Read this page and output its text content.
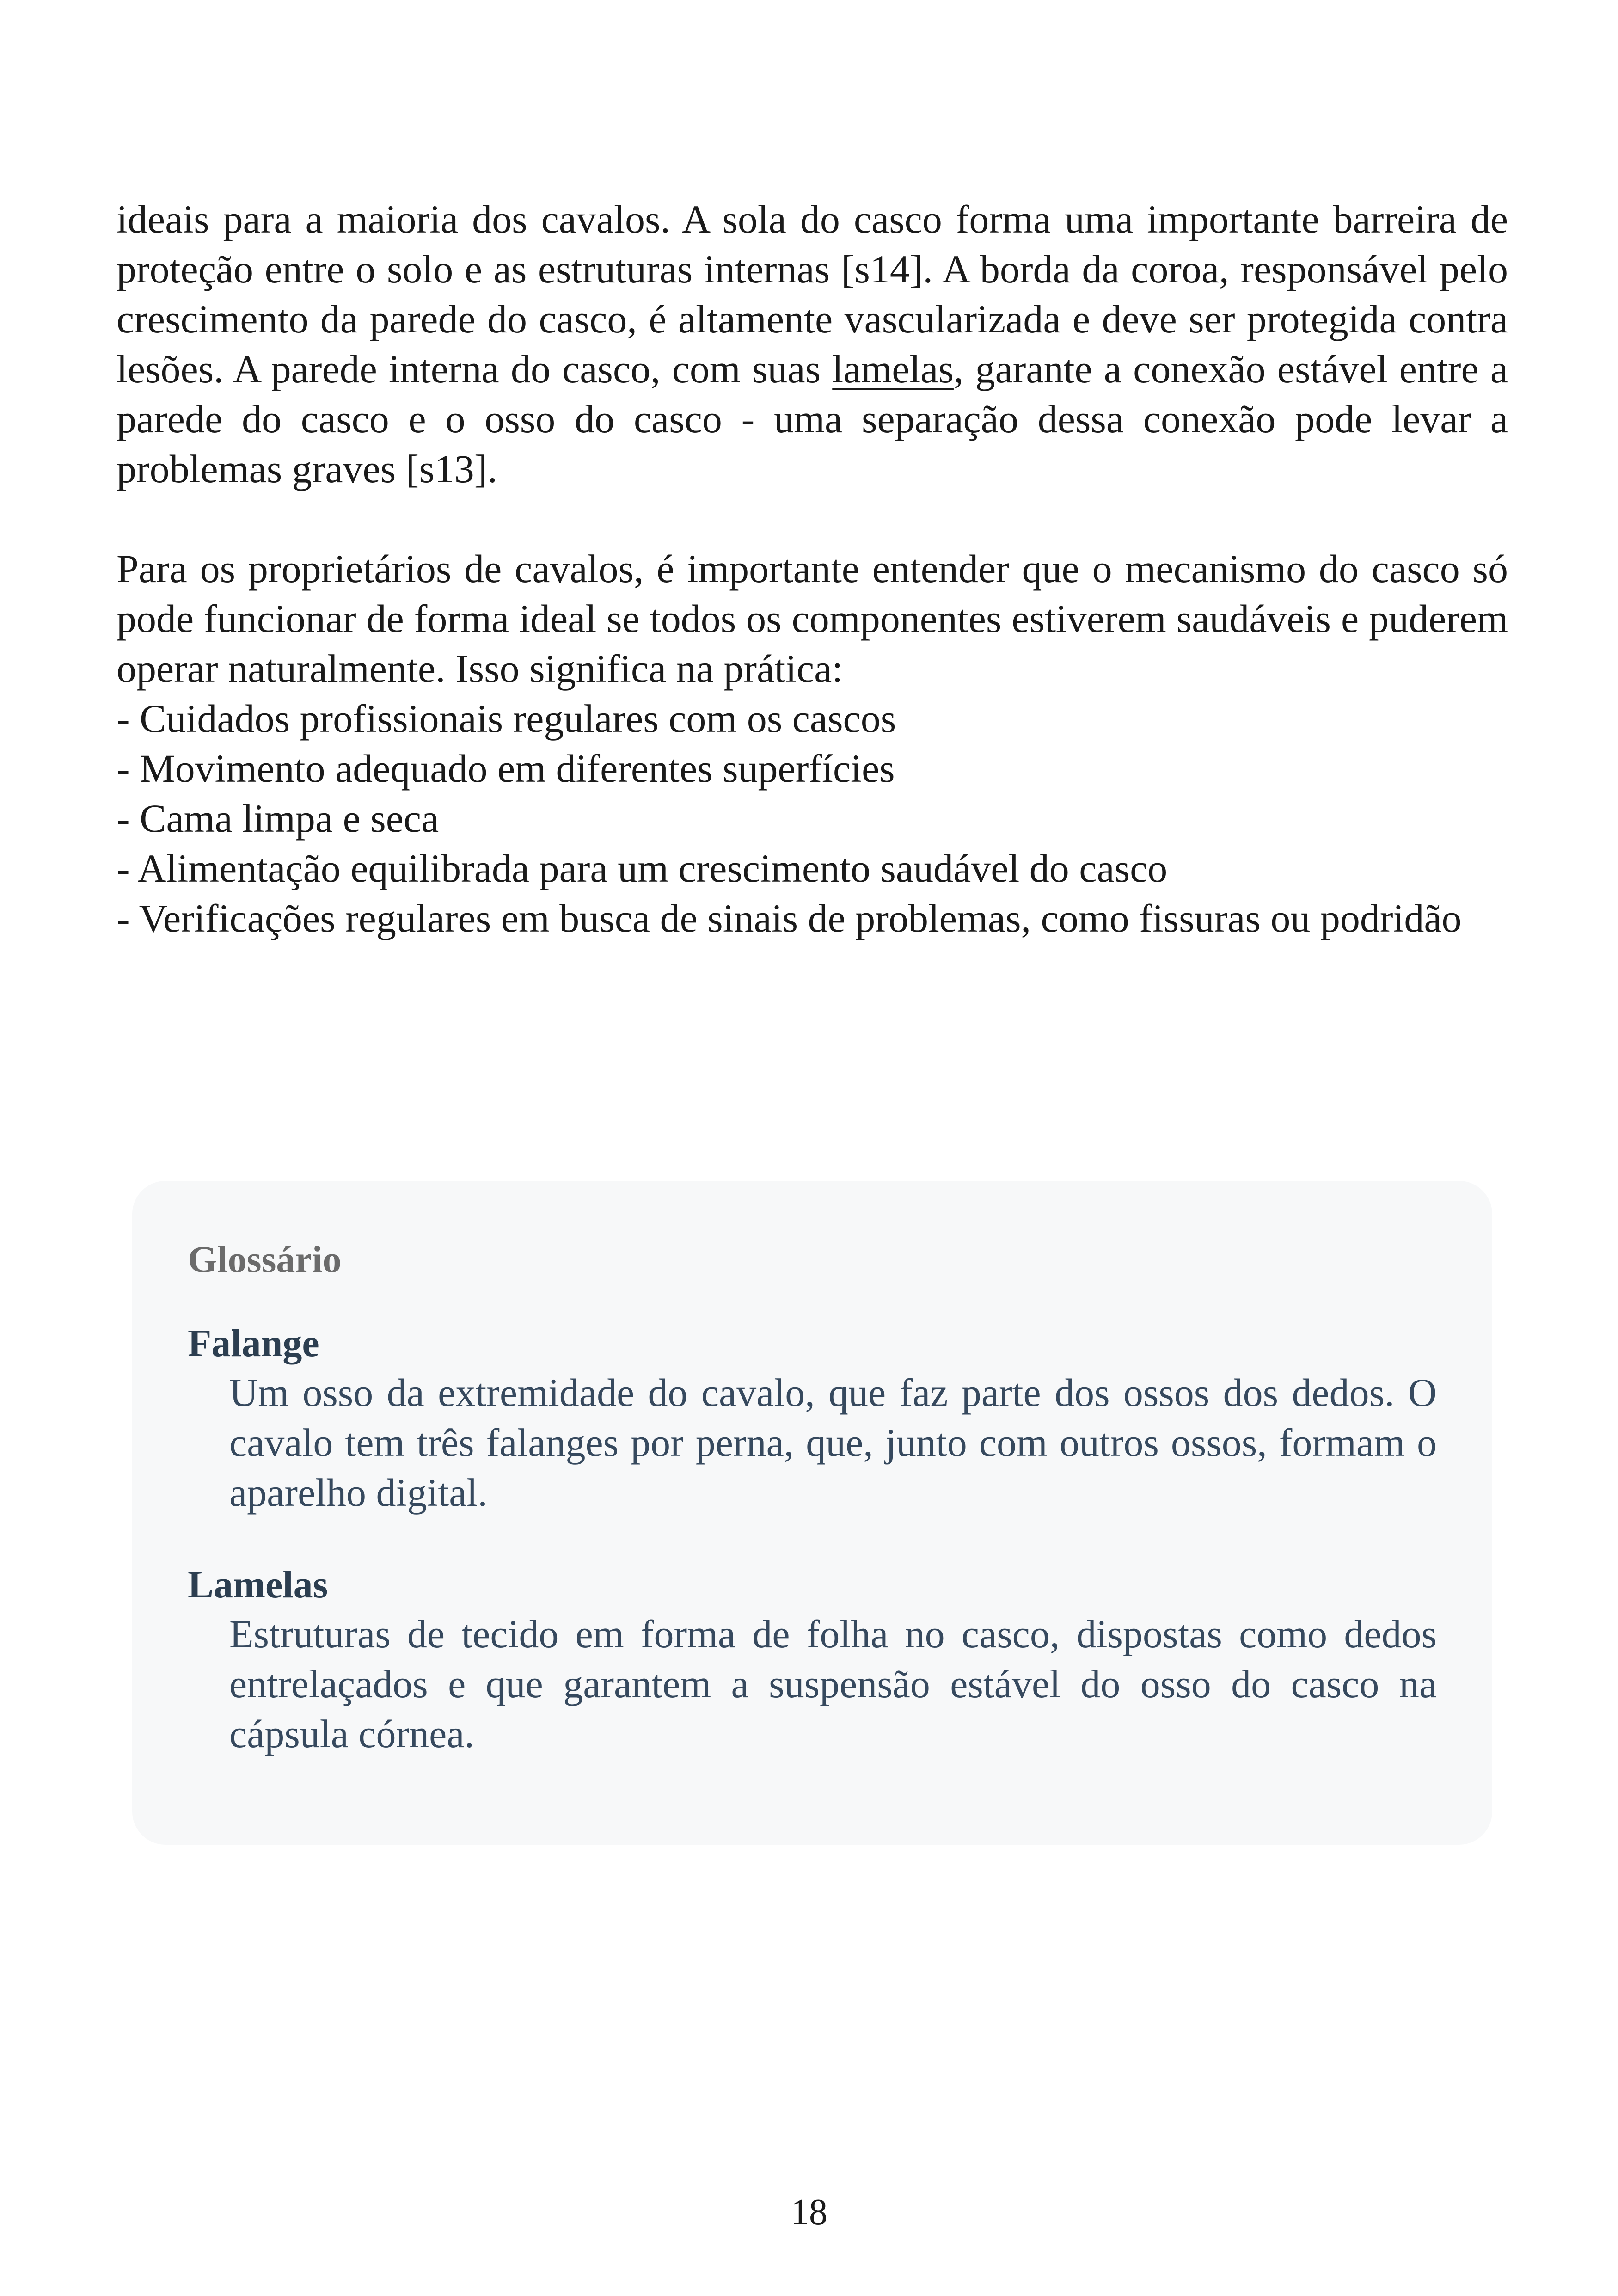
ideais para a maioria dos cavalos. A sola do casco forma uma importante barreira de proteção entre o solo e as estruturas internas [s14]. A borda da coroa, responsável pelo crescimento da parede do casco, é altamente vascularizada e deve ser protegida contra lesões. A parede interna do casco, com suas lamelas, garante a conexão estável entre a parede do casco e o osso do casco - uma separação dessa conexão pode levar a problemas graves [s13].

Para os proprietários de cavalos, é importante entender que o mecanismo do casco só pode funcionar de forma ideal se todos os componentes estiverem saudáveis e puderem operar naturalmente. Isso significa na prática:

- Cuidados profissionais regulares com os cascos
- Movimento adequado em diferentes superfícies
- Cama limpa e seca
- Alimentação equilibrada para um crescimento saudável do casco
- Verificações regulares em busca de sinais de problemas, como fissuras ou podridão

Glossário

Falange

Um osso da extremidade do cavalo, que faz parte dos ossos dos dedos. O cavalo tem três falanges por perna, que, junto com outros ossos, formam o aparelho digital.

Lamelas

Estruturas de tecido em forma de folha no casco, dispostas como dedos entrelaçados e que garantem a suspensão estável do osso do casco na cápsula córnea.

18
